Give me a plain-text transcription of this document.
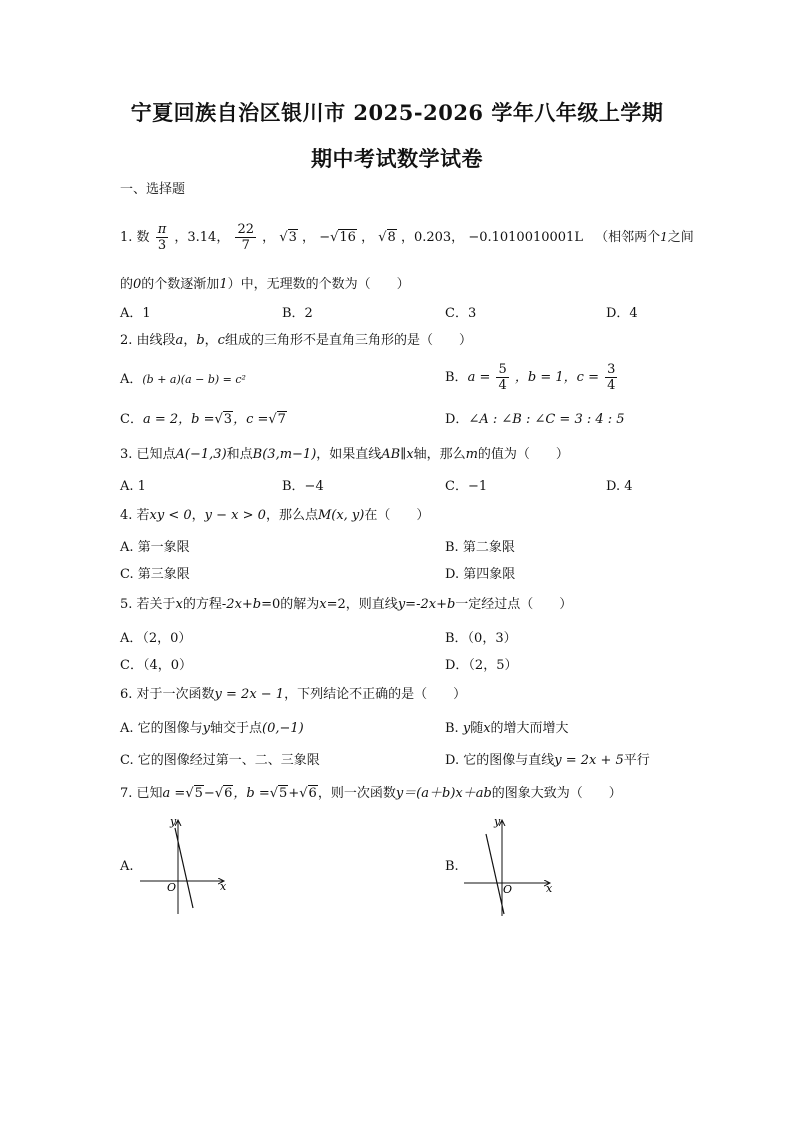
宁夏回族自治区银川市 2025-2026 学年八年级上学期
期中考试数学试卷
一、选择题
1. 数 $\frac{\pi}{3}$ ，3.14， $\frac{22}{7}$ ， √3 ， −√16 ， √8 ，0.203， −0.1010010001L （相邻两个1之间
的0的个数逐渐加1）中，无理数的个数为（　　）
A．1	B．2	C．3	D．4
2. 由线段a，b，c组成的三角形不是直角三角形的是（　　）
A．(b + a)(a − b) = c²	B．$a = \frac{5}{4}$ ，b = 1，$c = \frac{3}{4}$
C．a = 2，b =√3，c =√7	D．∠A : ∠B : ∠C = 3 : 4 : 5
3. 已知点A(−1,3)和点B(3,m−1)，如果直线AB∥x轴，那么m的值为（　　）
A. 1	B．−4	C．−1	D. 4
4. 若xy < 0，y − x > 0，那么点M(x, y)在（　　）
A. 第一象限	B. 第二象限
C. 第三象限	D. 第四象限
5. 若关于x的方程-2x+b=0的解为x=2，则直线y=-2x+b一定经过点（　　）
A．（2，0）	B．（0，3）
C．（4，0）	D．（2，5）
6. 对于一次函数y = 2x − 1，下列结论不正确的是（　　）
A. 它的图像与y轴交于点(0,−1)	B. y随x的增大而增大
C. 它的图像经过第一、二、三象限	D. 它的图像与直线y = 2x + 5平行
7. 已知a =√5−√6，b =√5+√6，则一次函数y＝(a＋b)x＋ab的图象大致为（　　）
A.
y
x
O
B.
y
x
O
